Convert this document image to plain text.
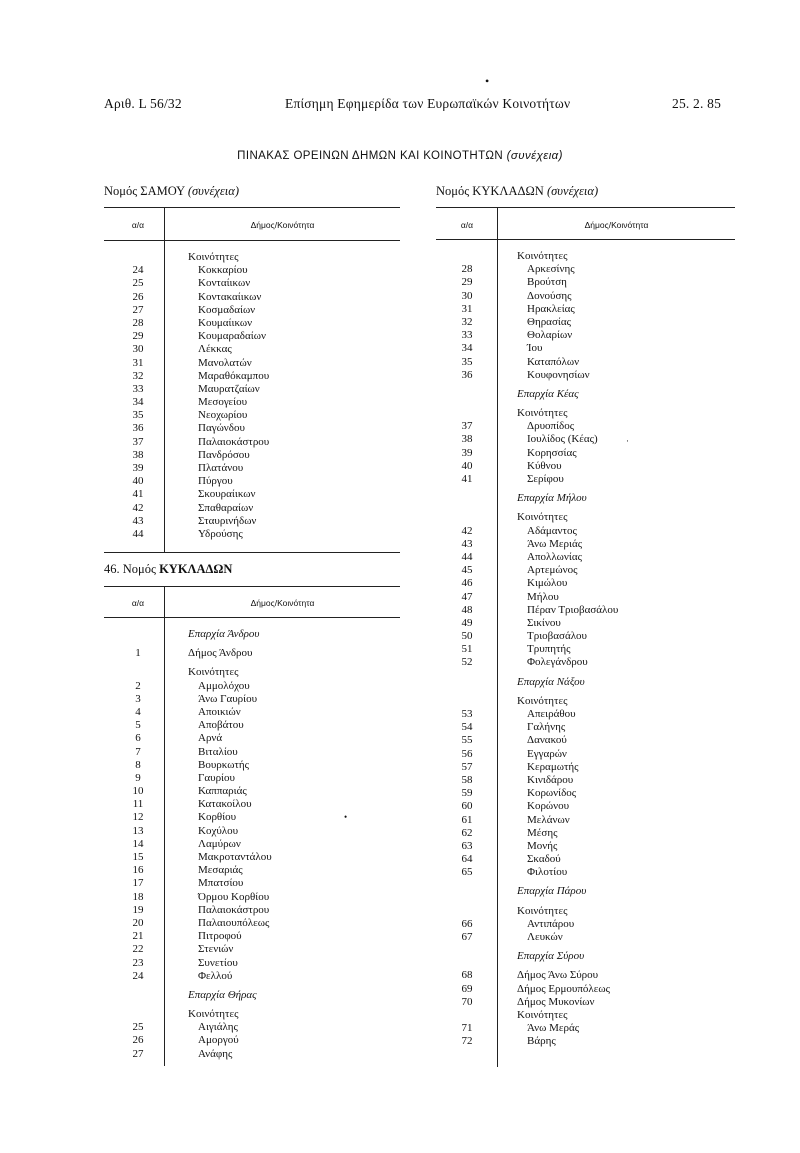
Αριθ. L 56/32	Επίσημη Εφημερίδα των Ευρωπαϊκών Κοινοτήτων	25. 2. 85
•
ΠΙΝΑΚΑΣ ΟΡΕΙΝΩΝ ΔΗΜΩΝ ΚΑΙ ΚΟΙΝΟΤΗΤΩΝ (συνέχεια)
Νομός ΣΑΜΟΥ (συνέχεια)
α/α	Δήμος/Κοινότητα
Κοινότητες
24	Κοκκαρίου
25	Κονταίικων
26	Κοντακαίικων
27	Κοσμαδαίων
28	Κουμαίικων
29	Κουμαραδαίων
30	Λέκκας
31	Μανολατών
32	Μαραθόκαμπου
33	Μαυρατζαίων
34	Μεσογείου
35	Νεοχωρίου
36	Παγώνδου
37	Παλαιοκάστρου
38	Πανδρόσου
39	Πλατάνου
40	Πύργου
41	Σκουραίικων
42	Σπαθαραίων
43	Σταυρινήδων
44	Υδρούσης
46. Νομός ΚΥΚΛΑΔΩΝ
α/α	Δήμος/Κοινότητα
Επαρχία Άνδρου
1	Δήμος Άνδρου
Κοινότητες
2	Αμμολόχου
3	Άνω Γαυρίου
4	Αποικιών
5	Αποβάτου
6	Αρνά
7	Βιταλίου
8	Βουρκωτής
9	Γαυρίου
10	Καππαριάς
11	Κατακοίλου
12	Κορθίου
13	Κοχύλου
14	Λαμύρων
15	Μακροταντάλου
16	Μεσαριάς
17	Μπατσίου
18	Όρμου Κορθίου
19	Παλαιοκάστρου
20	Παλαιουπόλεως
21	Πιτροφού
22	Στενιών
23	Συνετίου
24	Φελλού
Επαρχία Θήρας
Κοινότητες
25	Αιγιάλης
26	Αμοργού
27	Ανάφης
Νομός ΚΥΚΛΑΔΩΝ (συνέχεια)
α/α	Δήμος/Κοινότητα
Κοινότητες
28	Αρκεσίνης
29	Βρούτση
30	Δονούσης
31	Ηρακλείας
32	Θηρασίας
33	Θολαρίων
34	Ίου
35	Καταπόλων
36	Κουφονησίων
Επαρχία Κέας
Κοινότητες
37	Δρυοπίδος
38	Ιουλίδος (Κέας)
39	Κορησσίας
40	Κύθνου
41	Σερίφου
Επαρχία Μήλου
Κοινότητες
42	Αδάμαντος
43	Άνω Μεριάς
44	Απολλωνίας
45	Αρτεμώνος
46	Κιμώλου
47	Μήλου
48	Πέραν Τριοβασάλου
49	Σικίνου
50	Τριοβασάλου
51	Τρυπητής
52	Φολεγάνδρου
Επαρχία Νάξου
Κοινότητες
53	Απειράθου
54	Γαλήνης
55	Δανακού
56	Εγγαρών
57	Κεραμωτής
58	Κινιδάρου
59	Κορωνίδος
60	Κορώνου
61	Μελάνων
62	Μέσης
63	Μονής
64	Σκαδού
65	Φιλοτίου
Επαρχία Πάρου
Κοινότητες
66	Αντιπάρου
67	Λευκών
Επαρχία Σύρου
68	Δήμος Άνω Σύρου
69	Δήμος Ερμουπόλεως
70	Δήμος Μυκονίων
Κοινότητες
71	Άνω Μεράς
72	Βάρης
•
·
